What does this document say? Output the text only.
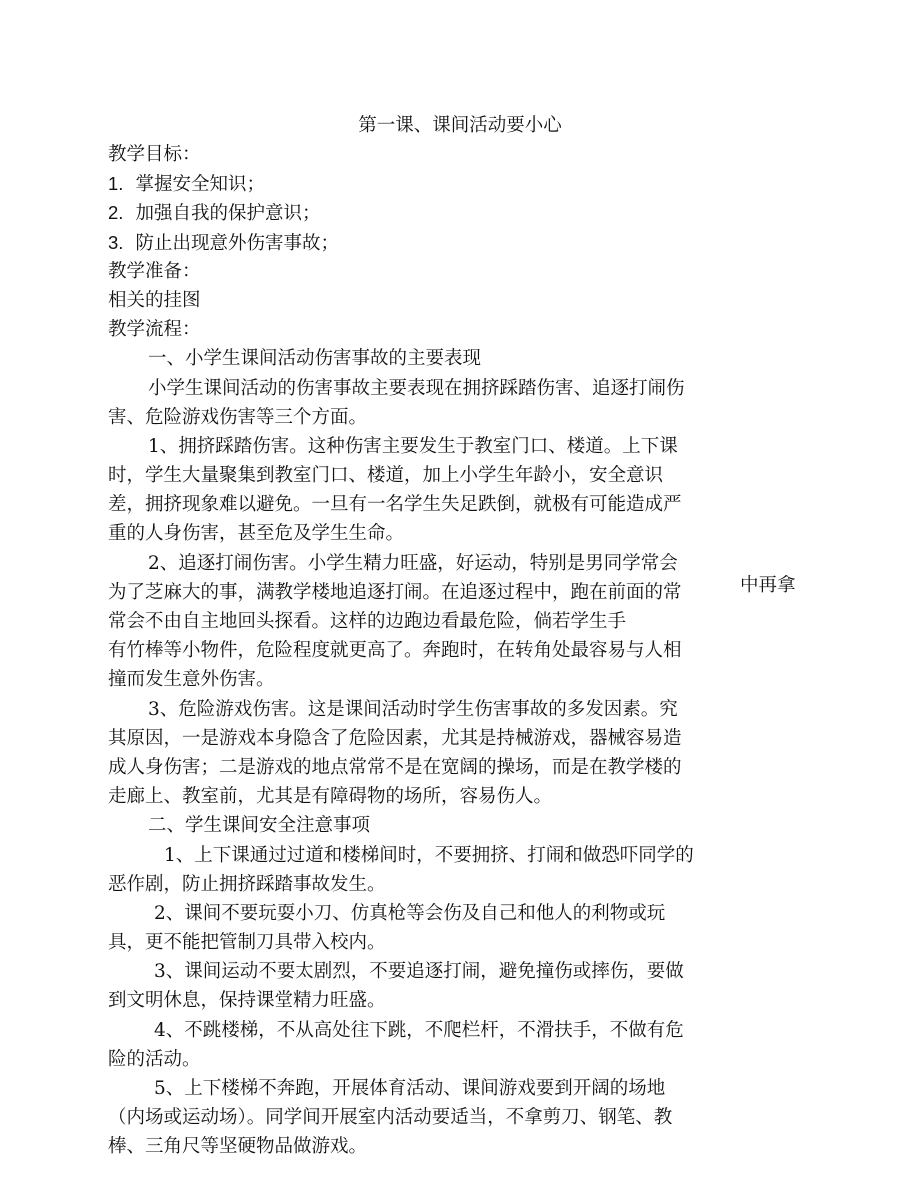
第一课、课间活动要小心
教学目标：
1. 掌握安全知识；
2. 加强自我的保护意识；
3. 防止出现意外伤害事故；
教学准备：
相关的挂图
教学流程：
一、小学生课间活动伤害事故的主要表现
小学生课间活动的伤害事故主要表现在拥挤踩踏伤害、追逐打闹伤
害、危险游戏伤害等三个方面。
1、拥挤踩踏伤害。这种伤害主要发生于教室门口、楼道。上下课
时，学生大量聚集到教室门口、楼道，加上小学生年龄小，安全意识
差，拥挤现象难以避免。一旦有一名学生失足跌倒，就极有可能造成严
重的人身伤害，甚至危及学生生命。
2、追逐打闹伤害。小学生精力旺盛，好运动，特别是男同学常会
为了芝麻大的事，满教学楼地追逐打闹。在追逐过程中，跑在前面的常
常会不由自主地回头探看。这样的边跑边看最危险，倘若学生手
有竹棒等小物件，危险程度就更高了。奔跑时，在转角处最容易与人相
撞而发生意外伤害。
3、危险游戏伤害。这是课间活动时学生伤害事故的多发因素。究
其原因，一是游戏本身隐含了危险因素，尤其是持械游戏，器械容易造
成人身伤害；二是游戏的地点常常不是在宽阔的操场，而是在教学楼的
走廊上、教室前，尤其是有障碍物的场所，容易伤人。
二、学生课间安全注意事项
1、上下课通过过道和楼梯间时，不要拥挤、打闹和做恐吓同学的
恶作剧，防止拥挤踩踏事故发生。
2、课间不要玩耍小刀、仿真枪等会伤及自己和他人的利物或玩
具，更不能把管制刀具带入校内。
3、课间运动不要太剧烈，不要追逐打闹，避免撞伤或摔伤，要做
到文明休息，保持课堂精力旺盛。
4、不跳楼梯，不从高处往下跳，不爬栏杆，不滑扶手，不做有危
险的活动。
5、上下楼梯不奔跑，开展体育活动、课间游戏要到开阔的场地
（内场或运动场）。同学间开展室内活动要适当，不拿剪刀、钢笔、教
棒、三角尺等坚硬物品做游戏。
中再拿
